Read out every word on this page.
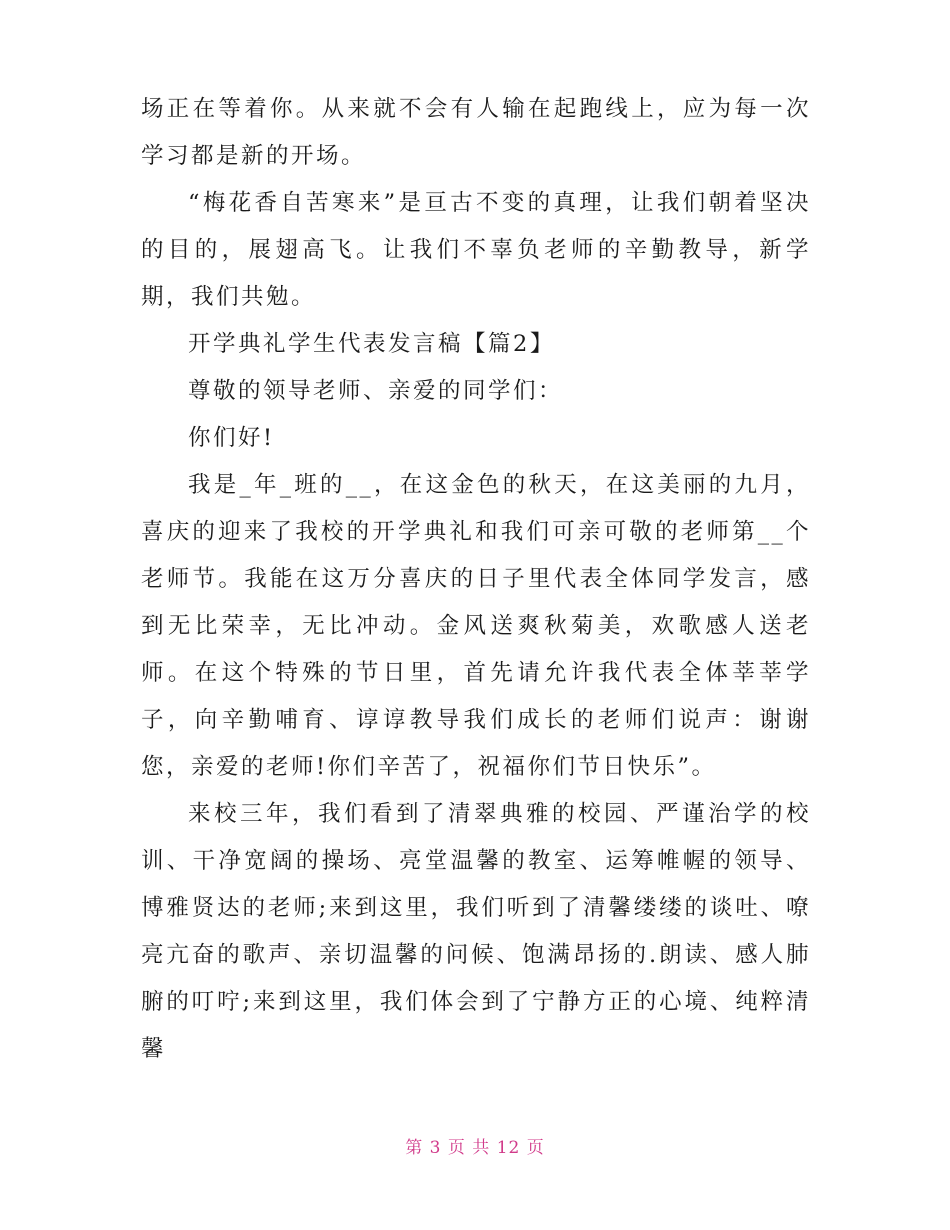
场正在等着你。从来就不会有人输在起跑线上，应为每一次学习都是新的开场。

“梅花香自苦寒来”是亘古不变的真理，让我们朝着坚决的目的，展翅高飞。让我们不辜负老师的辛勤教导，新学期，我们共勉。

开学典礼学生代表发言稿【篇2】

尊敬的领导老师、亲爱的同学们：

你们好!

我是_年_班的__，在这金色的秋天，在这美丽的九月，喜庆的迎来了我校的开学典礼和我们可亲可敬的老师第__个老师节。我能在这万分喜庆的日子里代表全体同学发言，感到无比荣幸，无比冲动。金风送爽秋菊美，欢歌感人送老师。在这个特殊的节日里，首先请允许我代表全体莘莘学子，向辛勤哺育、谆谆教导我们成长的老师们说声：谢谢您，亲爱的老师!你们辛苦了，祝福你们节日快乐”。

来校三年，我们看到了清翠典雅的校园、严谨治学的校训、干净宽阔的操场、亮堂温馨的教室、运筹帷幄的领导、博雅贤达的老师;来到这里，我们听到了清馨缕缕的谈吐、嘹亮亢奋的歌声、亲切温馨的问候、饱满昂扬的.朗读、感人肺腑的叮咛;来到这里，我们体会到了宁静方正的心境、纯粹清馨

第 3 页 共 12 页
